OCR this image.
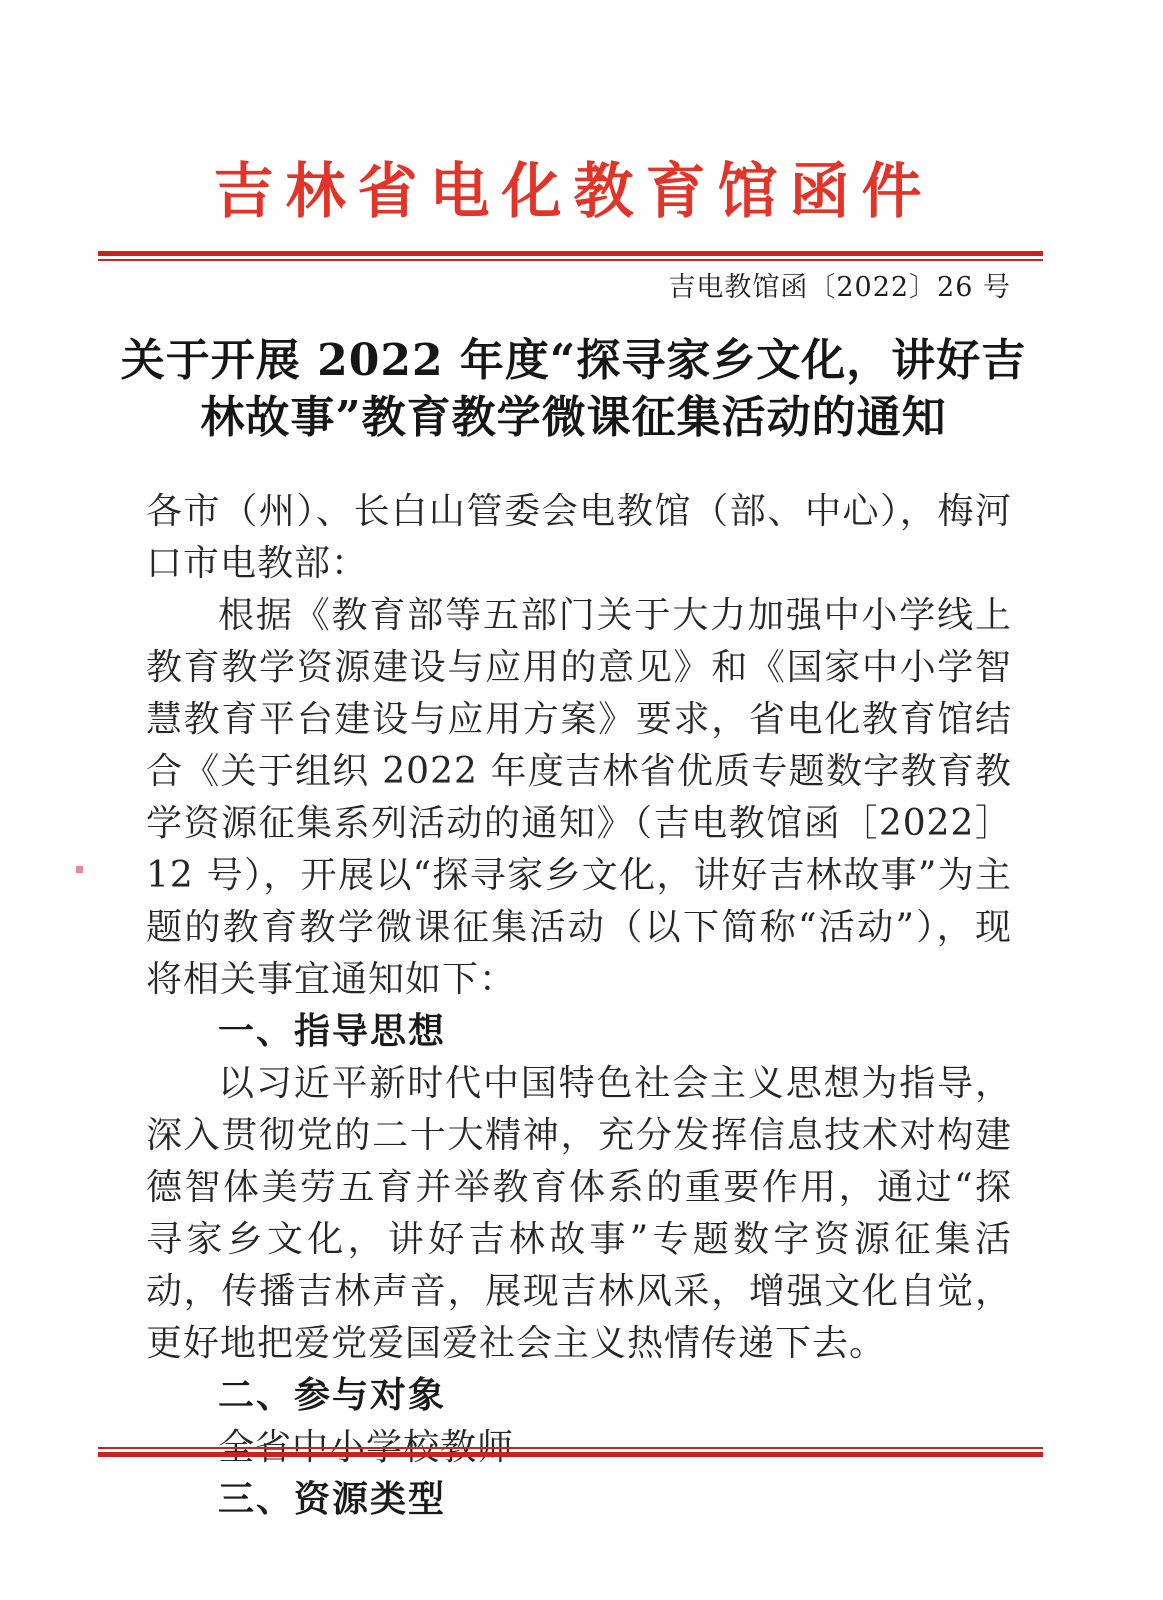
吉林省电化教育馆函件
吉电教馆函〔2022〕26 号
关于开展 2022 年度“探寻家乡文化，讲好吉
林故事”教育教学微课征集活动的通知
各市（州）、长白山管委会电教馆（部、中心），梅河口市电教部：
根据《教育部等五部门关于大力加强中小学线上教育教学资源建设与应用的意见》和《国家中小学智慧教育平台建设与应用方案》要求，省电化教育馆结合《关于组织 2022 年度吉林省优质专题数字教育教学资源征集系列活动的通知》（吉电教馆函［2022］12 号），开展以“探寻家乡文化，讲好吉林故事”为主题的教育教学微课征集活动（以下简称“活动”），现将相关事宜通知如下：
一、指导思想
以习近平新时代中国特色社会主义思想为指导，深入贯彻党的二十大精神，充分发挥信息技术对构建德智体美劳五育并举教育体系的重要作用，通过“探寻家乡文化，讲好吉林故事”专题数字资源征集活动，传播吉林声音，展现吉林风采，增强文化自觉，更好地把爱党爱国爱社会主义热情传递下去。
二、参与对象
三、资源类型
